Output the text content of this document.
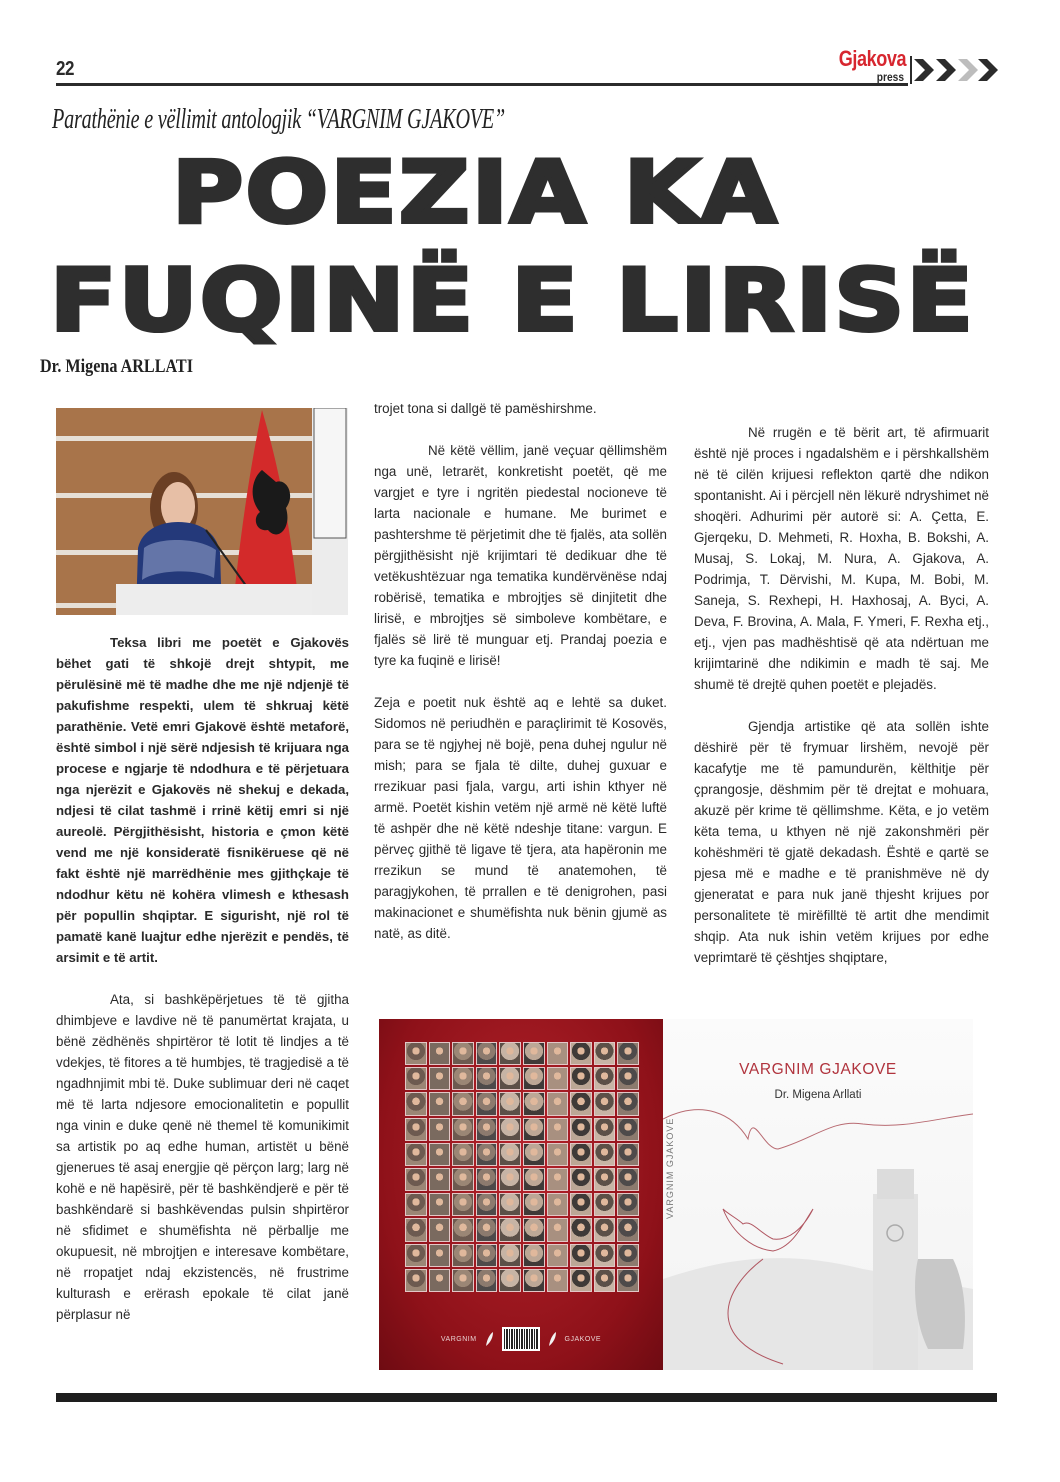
22	Gjakova
press
Parathënie e vëllimit antologjik “VARGNIM GJAKOVE”
POEZIA KA
FUQINË E LIRISË
Dr. Migena ARLLATI

Teksa libri me poetët e Gjakovës bëhet gati të shkojë drejt shtypit, me përulësinë më të madhe dhe me një ndjenjë të pakufishme respekti, ulem të shkruaj këtë parathënie. Vetë emri Gjakovë është metaforë, është simbol i një sërë ndjesish të krijuara nga procese e ngjarje të ndodhura e të përjetuara nga njerëzit e Gjakovës në shekuj e dekada, ndjesi të cilat tashmë i rrinë këtij emri si një aureolë. Përgjithësisht, historia e çmon këtë vend me një konsideratë fisnikëruese që në fakt është një marrëdhënie mes gjithçkaje të ndodhur këtu në kohëra vlimesh e kthesash për popullin shqiptar. E sigurisht, një rol të pamatë kanë luajtur edhe njerëzit e pendës, të arsimit e të artit.

Ata, si bashkëpërjetues të të gjitha dhimbjeve e lavdive në të panumërtat krajata, u bënë zëdhënës shpirtëror të lotit të lindjes a të vdekjes, të fitores a të humbjes, të tragjedisë a të ngadhnjimit mbi të. Duke sublimuar deri në caqet më të larta ndjesore emocionalitetin e popullit nga vinin e duke qenë në themel të komunikimit sa artistik po aq edhe human, artistët u bënë gjenerues të asaj energjie që përçon larg; larg në kohë e në hapësirë, për të bashkëndjerë e për të bashkëndarë si bashkëvendas pulsin shpirtëror në sfidimet e shumëfishta në përballje me okupuesit, në mbrojtjen e interesave kombëtare, në rropatjet ndaj ekzistencës, në frustrime kulturash e erërash epokale të cilat janë përplasur në

trojet tona si dallgë të pamëshirshme.

Në këtë vëllim, janë veçuar qëllimshëm nga unë, letrarët, konkretisht poetët, që me vargjet e tyre i ngritën piedestal nocioneve të larta nacionale e humane. Me burimet e pashtershme të përjetimit dhe të fjalës, ata sollën përgjithësisht një krijimtari të dedikuar dhe të vetëkushtëzuar nga tematika kundërvënëse ndaj robërisë, tematika e mbrojtjes së dinjitetit dhe lirisë, e mbrojtjes së simboleve kombëtare, e fjalës së lirë të munguar etj. Prandaj poezia e tyre ka fuqinë e lirisë!

Zeja e poetit nuk është aq e lehtë sa duket. Sidomos në periudhën e paraçlirimit të Kosovës, para se të ngjyhej në bojë, pena duhej ngulur në mish; para se fjala të dilte, duhej guxuar e rrezikuar pasi fjala, vargu, arti ishin kthyer në armë. Poetët kishin vetëm një armë në këtë luftë të ashpër dhe në këtë ndeshje titane: vargun. E përveç gjithë të ligave të tjera, ata hapëronin me rrezikun se mund të anatemohen, të paragjykohen, të prrallen e të denigrohen, pasi makinacionet e shumëfishta nuk bënin gjumë as natë, as ditë.

Në rrugën e të bërit art, të afirmuarit është një proces i ngadalshëm e i përshkallshëm në të cilën krijuesi reflekton qartë dhe ndikon spontanisht. Ai i përcjell nën lëkurë ndryshimet në shoqëri. Adhurimi për autorë si: A. Çetta, E. Gjerqeku, D. Mehmeti, R. Hoxha, B. Bokshi, A. Musaj, S. Lokaj, M. Nura, A. Gjakova, A. Podrimja, T. Dërvishi, M. Kupa, M. Bobi, M. Saneja, S. Rexhepi, H. Haxhosaj, A. Byci, A. Deva, F. Brovina, A. Mala, F. Ymeri, F. Rexha etj., etj., vjen pas madhështisë që ata ndërtuan me krijimtarinë dhe ndikimin e madh të saj. Me shumë të drejtë quhen poetët e plejadës.

Gjendja artistike që ata sollën ishte dëshirë për të frymuar lirshëm, nevojë për kacafytje me të pamundurën, këlthitje për çprangosje, dëshmim për të drejtat e mohuara, akuzë për krime të qëllimshme. Këta, e jo vetëm këta tema, u kthyen në një zakonshmëri për kohëshmëri të gjatë dekadash. Është e qartë se pjesa më e madhe e të pranishmëve në dy gjeneratat e para nuk janë thjesht krijues por personalitete të mirëfilltë të artit dhe mendimit shqip. Ata nuk ishin vetëm krijues por edhe veprimtarë të çështjes shqiptare,

VARGNIM	GJAKOVE
VARGNIM GJAKOVE
VARGNIM GJAKOVE
Dr. Migena Arllati
